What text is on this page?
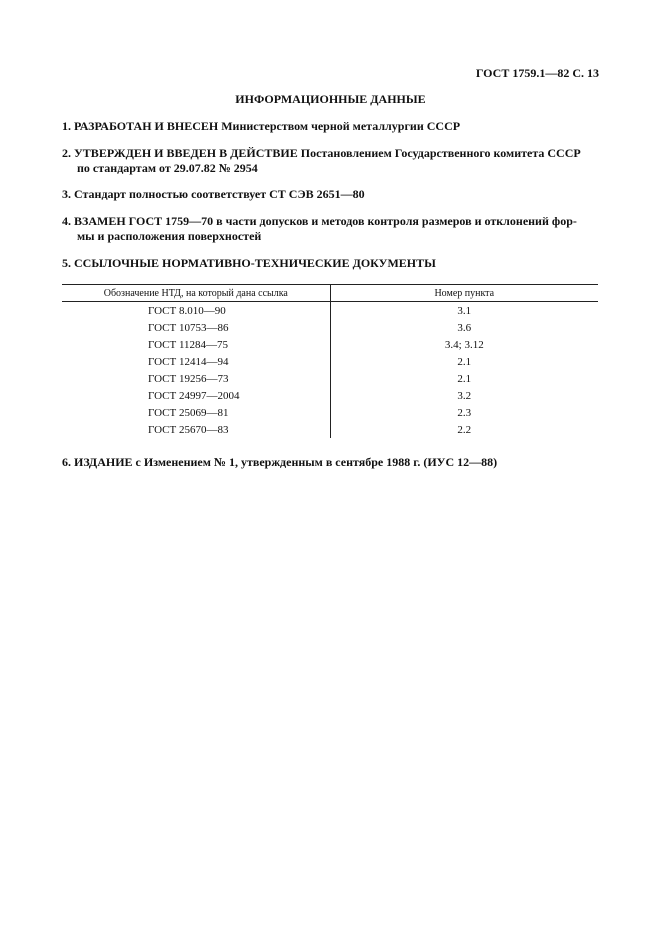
ГОСТ 1759.1—82 С. 13
ИНФОРМАЦИОННЫЕ ДАННЫЕ
1. РАЗРАБОТАН И ВНЕСЕН Министерством черной металлургии СССР
2. УТВЕРЖДЕН И ВВЕДЕН В ДЕЙСТВИЕ Постановлением Государственного комитета СССР
по стандартам от 29.07.82 № 2954
3. Стандарт полностью соответствует СТ СЭВ 2651—80
4. ВЗАМЕН ГОСТ 1759—70 в части допусков и методов контроля размеров и отклонений фор-
мы и расположения поверхностей
5. ССЫЛОЧНЫЕ НОРМАТИВНО-ТЕХНИЧЕСКИЕ ДОКУМЕНТЫ
Обозначение НТД, на который дана ссылка	Номер пункта
ГОСТ 8.010—90	3.1
ГОСТ 10753—86	3.6
ГОСТ 11284—75	3.4; 3.12
ГОСТ 12414—94	2.1
ГОСТ 19256—73	2.1
ГОСТ 24997—2004	3.2
ГОСТ 25069—81	2.3
ГОСТ 25670—83	2.2
6. ИЗДАНИЕ с Изменением № 1, утвержденным в сентябре 1988 г. (ИУС 12—88)
